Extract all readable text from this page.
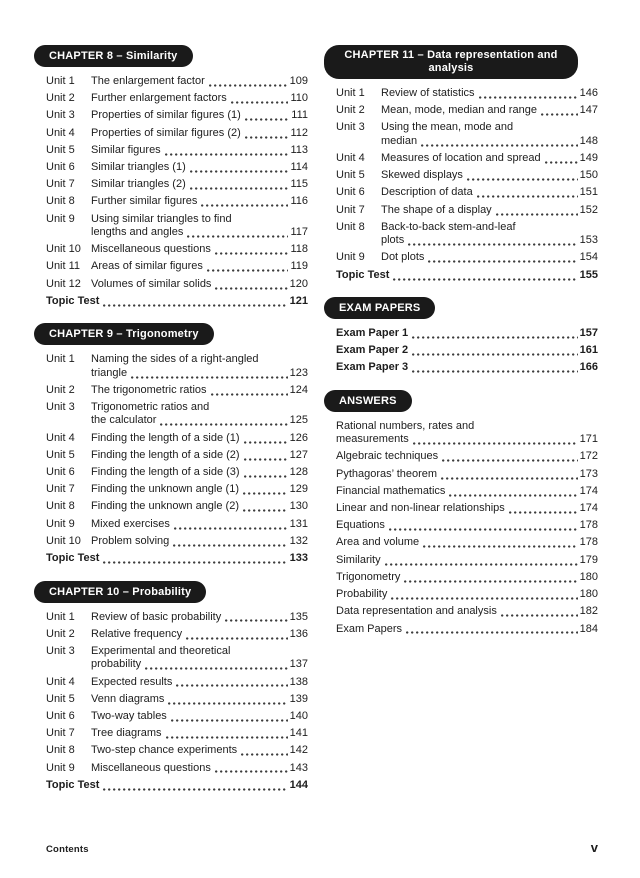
CHAPTER 8 – Similarity
Unit 1	The enlargement factor	109
Unit 2	Further enlargement factors	110
Unit 3	Properties of similar figures (1)	111
Unit 4	Properties of similar figures (2)	112
Unit 5	Similar figures	113
Unit 6	Similar triangles (1)	114
Unit 7	Similar triangles (2)	115
Unit 8	Further similar figures	116
Unit 9	Using similar triangles to find
lengths and angles	117
Unit 10 Miscellaneous questions	118
Unit 11 Areas of similar figures	119
Unit 12 Volumes of similar solids	120
Topic Test	121
CHAPTER 9 – Trigonometry
Unit 1	Naming the sides of a right-angled
triangle	123
Unit 2	The trigonometric ratios	124
Unit 3	Trigonometric ratios and
the calculator	125
Unit 4	Finding the length of a side (1)	126
Unit 5	Finding the length of a side (2)	127
Unit 6	Finding the length of a side (3)	128
Unit 7	Finding the unknown angle (1)	129
Unit 8	Finding the unknown angle (2)	130
Unit 9	Mixed exercises	131
Unit 10 Problem solving	132
Topic Test	133
CHAPTER 10 – Probability
Unit 1	Review of basic probability	135
Unit 2	Relative frequency	136
Unit 3	Experimental and theoretical
probability	137
Unit 4	Expected results	138
Unit 5	Venn diagrams	139
Unit 6	Two-way tables	140
Unit 7	Tree diagrams	141
Unit 8	Two-step chance experiments	142
Unit 9	Miscellaneous questions	143
Topic Test	144
CHAPTER 11 – Data representation and
analysis
Unit 1	Review of statistics	146
Unit 2	Mean, mode, median and range	147
Unit 3	Using the mean, mode and
median	148
Unit 4	Measures of location and spread	149
Unit 5	Skewed displays	150
Unit 6	Description of data	151
Unit 7	The shape of a display	152
Unit 8	Back-to-back stem-and-leaf
plots	153
Unit 9	Dot plots	154
Topic Test	155
EXAM PAPERS
Exam Paper 1	157
Exam Paper 2	161
Exam Paper 3	166
ANSWERS
Rational numbers, rates and
measurements	171
Algebraic techniques	172
Pythagoras’ theorem	173
Financial mathematics	174
Linear and non-linear relationships	174
Equations	178
Area and volume	178
Similarity	179
Trigonometry	180
Probability	180
Data representation and analysis	182
Exam Papers	184
Contents	v
